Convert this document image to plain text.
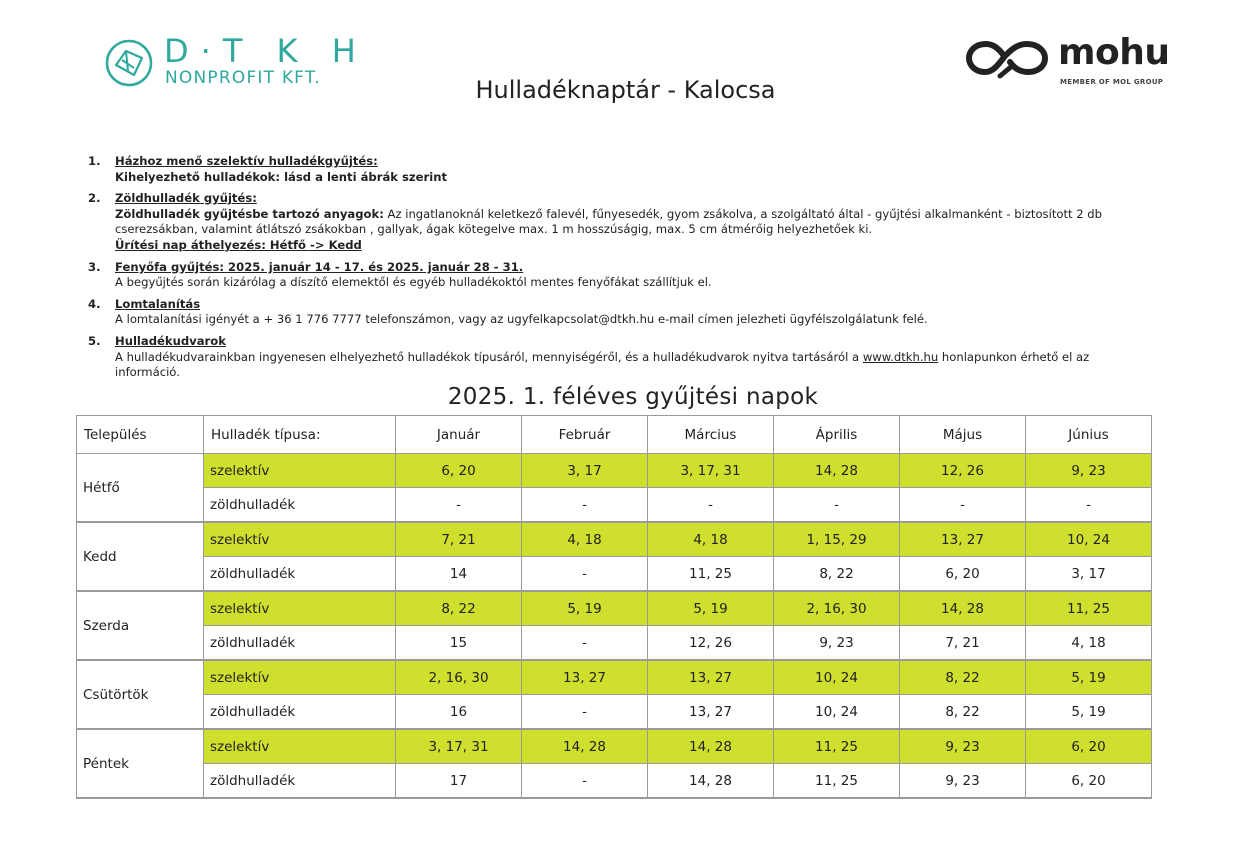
D·T K H
NONPROFIT KFT.
mohu
MEMBER OF MOL GROUP
Hulladéknaptár - Kalocsa
1. Házhoz menő szelektív hulladékgyűjtés:
Kihelyezhető hulladékok: lásd a lenti ábrák szerint
2. Zöldhulladék gyűjtés:
Zöldhulladék gyűjtésbe tartozó anyagok: Az ingatlanoknál keletkező falevél, fűnyesedék, gyom zsákolva, a szolgáltató által - gyűjtési alkalmanként - biztosított 2 db cserezsákban, valamint átlátszó zsákokban , gallyak, ágak kötegelve max. 1 m hosszúságig, max. 5 cm átmérőig helyezhetőek ki.
Ürítési nap áthelyezés: Hétfő -> Kedd
3. Fenyőfa gyűjtés: 2025. január 14 - 17. és 2025. január 28 - 31.
A begyűjtés során kizárólag a díszítő elemektől és egyéb hulladékoktól mentes fenyőfákat szállítjuk el.
4. Lomtalanítás
A lomtalanítási igényét a + 36 1 776 7777 telefonszámon, vagy az ugyfelkapcsolat@dtkh.hu e-mail címen jelezheti ügyfélszolgálatunk felé.
5. Hulladékudvarok
A hulladékudvarainkban ingyenesen elhelyezhető hulladékok típusáról, mennyiségéről, és a hulladékudvarok nyitva tartásáról a www.dtkh.hu honlapunkon érhető el az információ.
2025. 1. féléves gyűjtési napok
Település	Hulladék típusa:	Január	Február	Március	Április	Május	Június
Hétfő	szelektív	6, 20	3, 17	3, 17, 31	14, 28	12, 26	9, 23
	zöldhulladék	-	-	-	-	-	-
Kedd	szelektív	7, 21	4, 18	4, 18	1, 15, 29	13, 27	10, 24
	zöldhulladék	14	-	11, 25	8, 22	6, 20	3, 17
Szerda	szelektív	8, 22	5, 19	5, 19	2, 16, 30	14, 28	11, 25
	zöldhulladék	15	-	12, 26	9, 23	7, 21	4, 18
Csütörtök	szelektív	2, 16, 30	13, 27	13, 27	10, 24	8, 22	5, 19
	zöldhulladék	16	-	13, 27	10, 24	8, 22	5, 19
Péntek	szelektív	3, 17, 31	14, 28	14, 28	11, 25	9, 23	6, 20
	zöldhulladék	17	-	14, 28	11, 25	9, 23	6, 20
